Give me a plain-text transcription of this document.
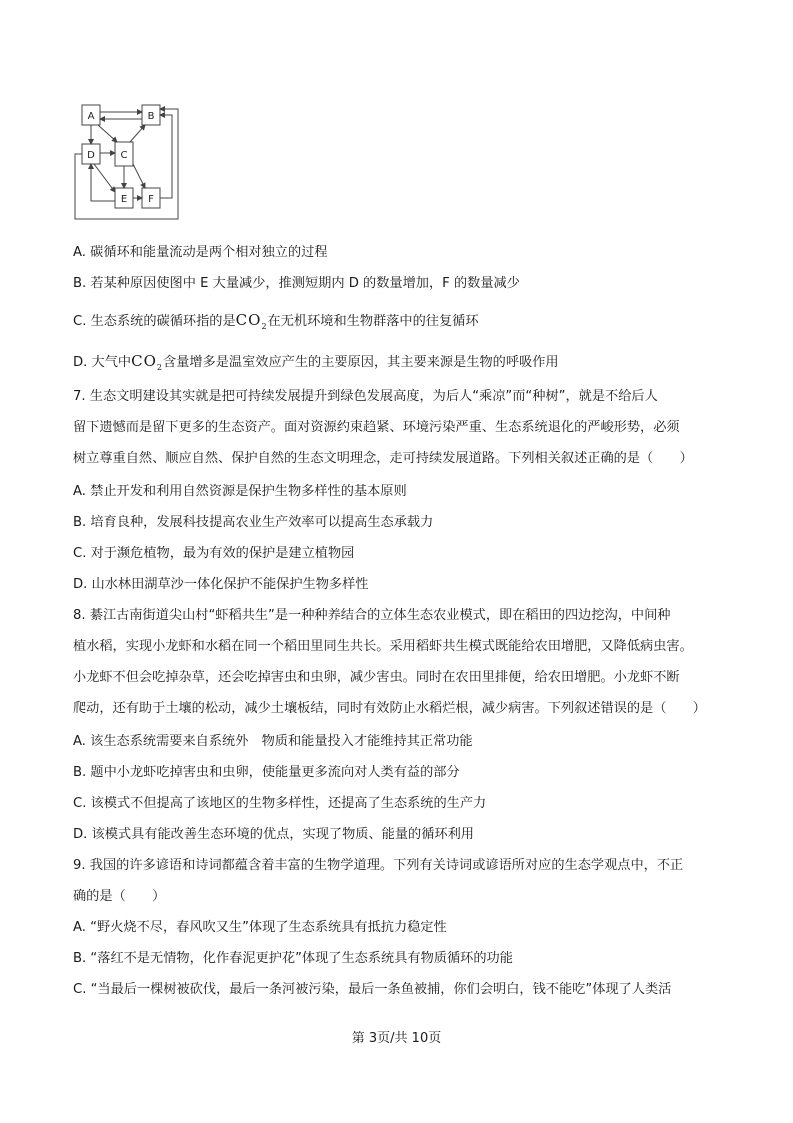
A	B
D	C
E F
A. 碳循环和能量流动是两个相对独立的过程
B. 若某种原因使图中 E 大量减少，推测短期内 D 的数量增加，F 的数量减少
C. 生态系统的碳循环指的是$CO_2$在无机环境和生物群落中的往复循环
D. 大气中$CO_2$含量增多是温室效应产生的主要原因，其主要来源是生物的呼吸作用
7. 生态文明建设其实就是把可持续发展提升到绿色发展高度，为后人“乘凉”而“种树”，就是不给后人
留下遗憾而是留下更多的生态资产。面对资源约束趋紧、环境污染严重、生态系统退化的严峻形势，必须
树立尊重自然、顺应自然、保护自然的生态文明理念，走可持续发展道路。下列相关叙述正确的是（　　）
A. 禁止开发和利用自然资源是保护生物多样性的基本原则
B. 培育良种，发展科技提高农业生产效率可以提高生态承载力
C. 对于濒危植物，最为有效的保护是建立植物园
D. 山水林田湖草沙一体化保护不能保护生物多样性
8. 綦江古南街道尖山村“虾稻共生”是一种种养结合的立体生态农业模式，即在稻田的四边挖沟，中间种
植水稻，实现小龙虾和水稻在同一个稻田里同生共长。采用稻虾共生模式既能给农田增肥，又降低病虫害。
小龙虾不但会吃掉杂草，还会吃掉害虫和虫卵，减少害虫。同时在农田里排便，给农田增肥。小龙虾不断
爬动，还有助于土壤的松动，减少土壤板结，同时有效防止水稻烂根，减少病害。下列叙述错误的是（　　）
A. 该生态系统需要来自系统外　物质和能量投入才能维持其正常功能
B. 题中小龙虾吃掉害虫和虫卵，使能量更多流向对人类有益的部分
C. 该模式不但提高了该地区的生物多样性，还提高了生态系统的生产力
D. 该模式具有能改善生态环境的优点，实现了物质、能量的循环利用
9. 我国的许多谚语和诗词都蕴含着丰富的生物学道理。下列有关诗词或谚语所对应的生态学观点中，不正
确的是（　　）
A. “野火烧不尽，春风吹又生”体现了生态系统具有抵抗力稳定性
B. “落红不是无情物，化作春泥更护花”体现了生态系统具有物质循环的功能
C. “当最后一棵树被砍伐，最后一条河被污染，最后一条鱼被捕，你们会明白，钱不能吃”体现了人类活
第 3页/共 10页
